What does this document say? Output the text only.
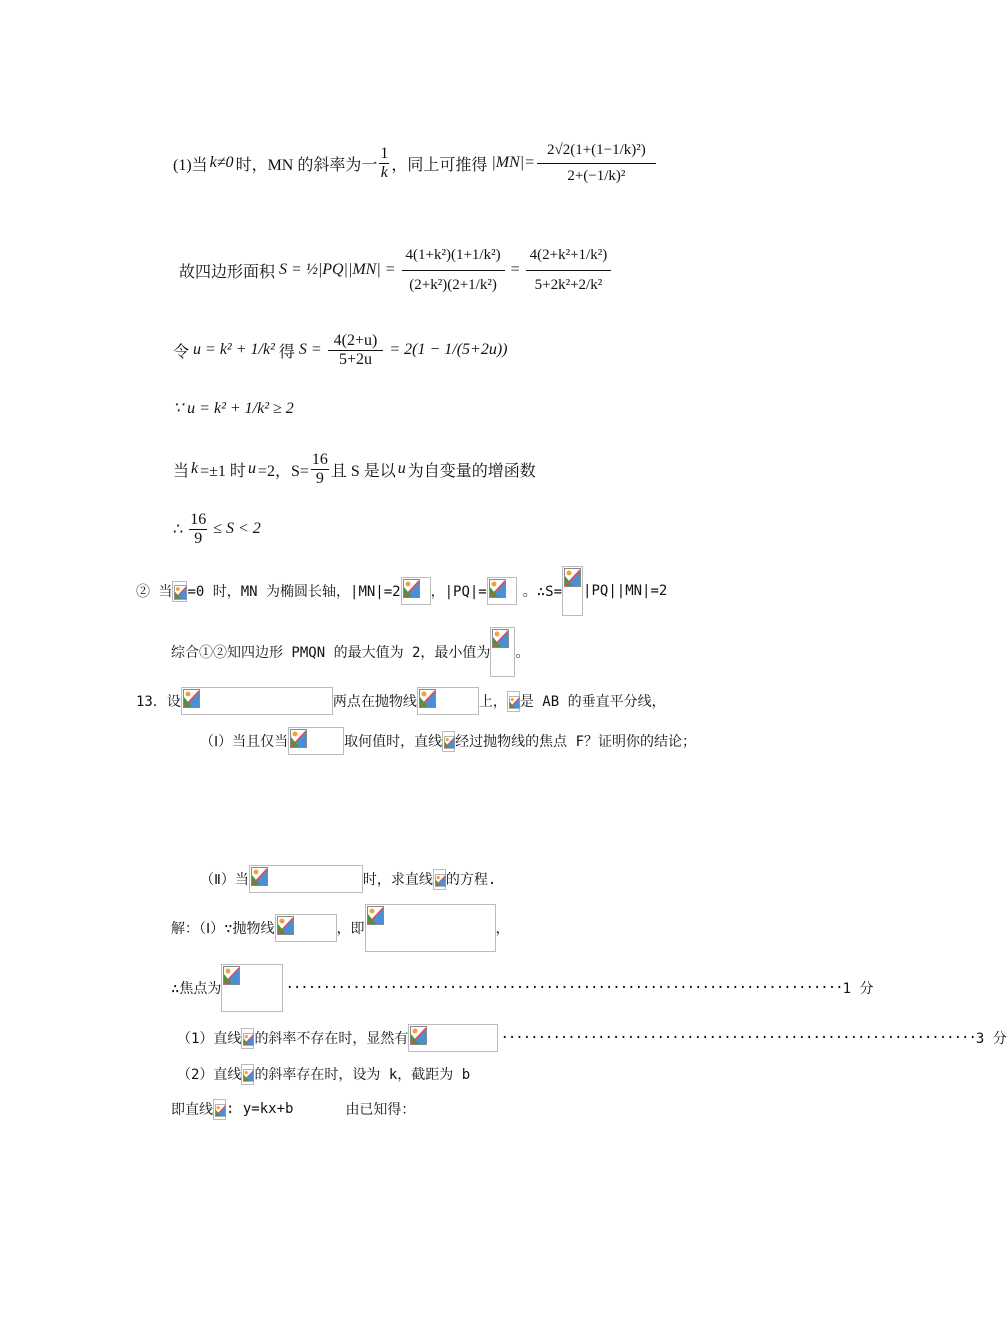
(1)当 k≠0 时，MN 的斜率为一 $\frac{1}{k}$ ，同上可推得 $|MN|= \frac{\text{2√2(1+(1−1/k)²)}}{\text{2+(−1/k)²}}$
故四边形面积 S = ½|PQ||MN| = $\frac{\text{4(1+k²)(1+1/k²)}}{\text{(2+k²)(2+1/k²)}} = \frac{\text{4(2+k²+1/k²)}}{\text{5+2k²+2/k²}}$
令 u = k² + 1/k² 得 $S = \frac{4(2+u)}{5+2u} = 2(1 - 1/(5+2u))$
∵ u = k² + 1/k² ≥ 2
当 k =±1 时 u =2，$S= \frac{16}{9}$ 且 S 是以 u 为自变量的增函数
∴ $\frac{16}{9} \le S < 2$
② 当 =0 时，MN 为椭圆长轴，|MN|=2 ，|PQ|=	。∴S= |PQ||MN|=2
综合①②知四边形 PMQN 的最大值为 2，最小值为 。
13．设	两点在抛物线	上， 是 AB 的垂直平分线，
（Ⅰ）当且仅当	取何值时，直线 经过抛物线的焦点 F？证明你的结论；
（Ⅱ）当	时，求直线 的方程.
解：（Ⅰ）∵抛物线	，即	，
∴焦点为	··········································································· 1 分
（1）直线 的斜率不存在时，显然有	································································ 3 分
（2）直线 的斜率存在时，设为 k，截距为 b
即直线 : y=kx+b	由已知得：
